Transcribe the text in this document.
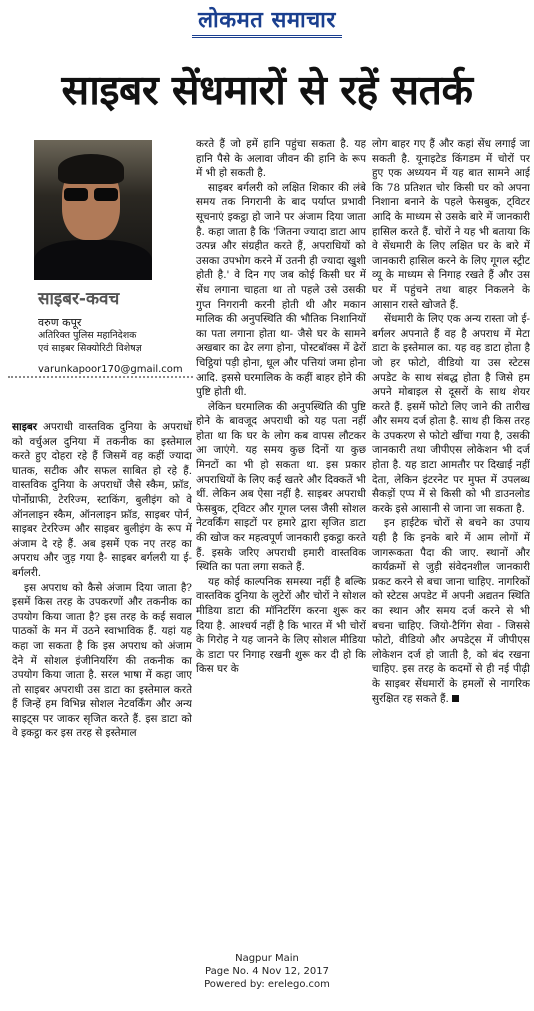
लोकमत समाचार
साइबर सेंधमारों से रहें सतर्क
साइबर-कवच
वरुण कपूर
अतिरिक्त पुलिस महानिदेशक
एवं साइबर सिक्योरिटी विशेषज्ञ
varunkapoor170@gmail.com

साइबर अपराधी वास्तविक दुनिया के अपराधों को वर्चुअल दुनिया में तकनीक का इस्तेमाल करते हुए दोहरा रहे हैं जिसमें वह कहीं ज्यादा घातक, सटीक और सफल साबित हो रहे हैं. वास्तविक दुनिया के अपराधों जैसे स्कैम, फ्रॉड, पोर्नोग्राफी, टेररिज्म, स्टाकिंग, बुलीइंग को वे ऑनलाइन स्कैम, ऑनलाइन फ्रॉड, साइबर पोर्न, साइबर टेररिज्म और साइबर बुलीइंग के रूप में अंजाम दे रहे हैं. अब इसमें एक नए तरह का अपराध और जुड़ गया है- साइबर बर्गलरी या ई-बर्गलरी.

इस अपराध को कैसे अंजाम दिया जाता है? इसमें किस तरह के उपकरणों और तकनीक का उपयोग किया जाता है? इस तरह के कई सवाल पाठकों के मन में उठने स्वाभाविक हैं. यहां यह कहा जा सकता है कि इस अपराध को अंजाम देने में सोशल इंजीनियरिंग की तकनीक का उपयोग किया जाता है. सरल भाषा में कहा जाए तो साइबर अपराधी उस डाटा का इस्तेमाल करते हैं जिन्हें हम विभिन्न सोशल नेटवर्किंग और अन्य साइट्स पर जाकर सृजित करते हैं. इस डाटा को वे इकट्ठा कर इस तरह से इस्तेमाल

करते हैं जो हमें हानि पहुंचा सकता है. यह हानि पैसे के अलावा जीवन की हानि के रूप में भी हो सकती है.

साइबर बर्गलरी को लक्षित शिकार की लंबे समय तक निगरानी के बाद पर्याप्त प्रभावी सूचनाएं इकट्ठा हो जाने पर अंजाम दिया जाता है. कहा जाता है कि 'जितना ज्यादा डाटा आप उत्पन्न और संग्रहीत करते हैं, अपराधियों को उसका उपभोग करने में उतनी ही ज्यादा खुशी होती है.' वे दिन गए जब कोई किसी घर में सेंध लगाना चाहता था तो पहले उसे उसकी गुप्त निगरानी करनी होती थी और मकान मालिक की अनुपस्थिति की भौतिक निशानियों का पता लगाना होता था- जैसे घर के सामने अखबार का ढेर लगा होना, पोस्टबॉक्स में ढेरों चिट्ठियां पड़ी होना, धूल और पत्तियां जमा होना आदि. इससे घरमालिक के कहीं बाहर होने की पुष्टि होती थी.

लेकिन घरमालिक की अनुपस्थिति की पुष्टि होने के बावजूद अपराधी को यह पता नहीं होता था कि घर के लोग कब वापस लौटकर आ जाएंगे. यह समय कुछ दिनों या कुछ मिनटों का भी हो सकता था. इस प्रकार अपराधियों के लिए कई खतरे और दिक्कतें भी थीं. लेकिन अब ऐसा नहीं है. साइबर अपराधी फेसबुक, ट्विटर और गूगल प्लस जैसी सोशल नेटवर्किंग साइटों पर हमारे द्वारा सृजित डाटा की खोज कर महत्वपूर्ण जानकारी इकट्ठा करते हैं. इसके जरिए अपराधी हमारी वास्तविक स्थिति का पता लगा सकते हैं.

यह कोई काल्पनिक समस्या नहीं है बल्कि वास्तविक दुनिया के लुटेरों और चोरों ने सोशल मीडिया डाटा की मॉनिटरिंग करना शुरू कर दिया है. आश्चर्य नहीं है कि भारत में भी चोरों के गिरोह ने यह जानने के लिए सोशल मीडिया के डाटा पर निगाह रखनी शुरू कर दी हो कि किस घर के

लोग बाहर गए हैं और कहां सेंध लगाई जा सकती है. यूनाइटेड किंगडम में चोरों पर हुए एक अध्ययन में यह बात सामने आई कि 78 प्रतिशत चोर किसी घर को अपना निशाना बनाने के पहले फेसबुक, ट्विटर आदि के माध्यम से उसके बारे में जानकारी हासिल करते हैं. चोरों ने यह भी बताया कि वे सेंधमारी के लिए लक्षित घर के बारे में जानकारी हासिल करने के लिए गूगल स्ट्रीट व्यू के माध्यम से निगाह रखते हैं और उस घर में पहुंचने तथा बाहर निकलने के आसान रास्ते खोजते हैं.

सेंधमारी के लिए एक अन्य रास्ता जो ई-बर्गलर अपनाते हैं वह है अपराध में मेटा डाटा के इस्तेमाल का. यह वह डाटा होता है जो हर फोटो, वीडियो या उस स्टेटस अपडेट के साथ संबद्ध होता है जिसे हम अपने मोबाइल से दूसरों के साथ शेयर करते हैं. इसमें फोटो लिए जाने की तारीख और समय दर्ज होता है. साथ ही किस तरह के उपकरण से फोटो खींचा गया है, उसकी जानकारी तथा जीपीएस लोकेशन भी दर्ज होता है. यह डाटा आमतौर पर दिखाई नहीं देता, लेकिन इंटरनेट पर मुफ्त में उपलब्ध सैकड़ों एप्प में से किसी को भी डाउनलोड करके इसे आसानी से जाना जा सकता है.

इन हाईटेक चोरों से बचने का उपाय यही है कि इनके बारे में आम लोगों में जागरूकता पैदा की जाए. स्थानों और कार्यक्रमों से जुड़ी संवेदनशील जानकारी प्रकट करने से बचा जाना चाहिए. नागरिकों को स्टेटस अपडेट में अपनी अद्यतन स्थिति का स्थान और समय दर्ज करने से भी बचना चाहिए. जियो-टैगिंग सेवा - जिससे फोटो, वीडियो और अपडेट्स में जीपीएस लोकेशन दर्ज हो जाती है, को बंद रखना चाहिए. इस तरह के कदमों से ही नई पीढ़ी के साइबर सेंधमारों के हमलों से नागरिक सुरक्षित रह सकते हैं.

Nagpur Main
Page No. 4 Nov 12, 2017
Powered by: erelego.com
